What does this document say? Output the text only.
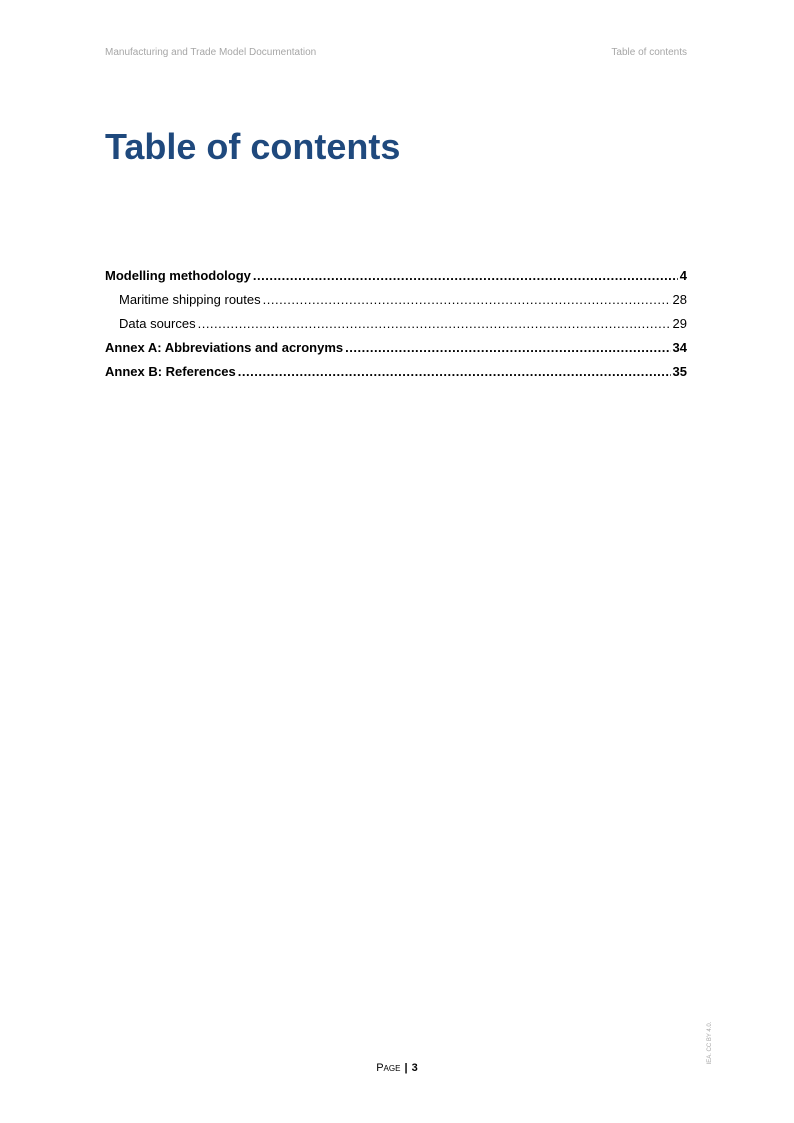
Manufacturing and Trade Model Documentation	Table of contents
Table of contents
Modelling methodology .....	4
Maritime shipping routes .....	28
Data sources .....	29
Annex A: Abbreviations and acronyms .....	34
Annex B: References .....	35
Page | 3
IEA. CC BY 4.0.
